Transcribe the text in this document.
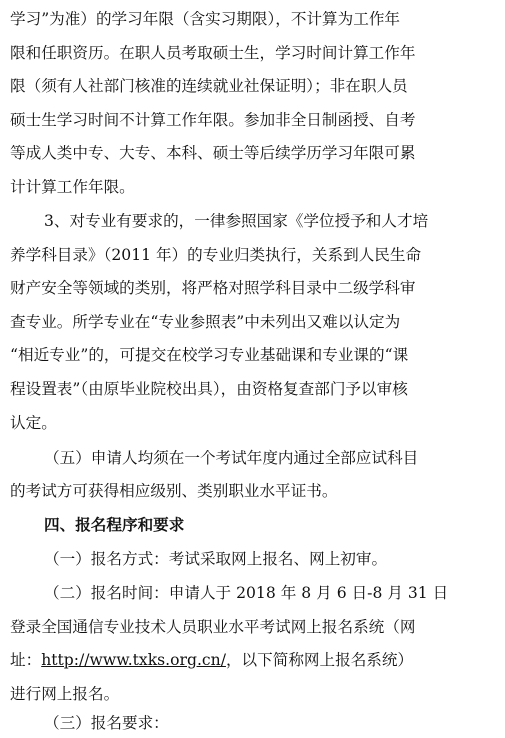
学习”为准）的学习年限（含实习期限），不计算为工作年
限和任职资历。在职人员考取硕士生，学习时间计算工作年
限（须有人社部门核准的连续就业社保证明）；非在职人员
硕士生学习时间不计算工作年限。参加非全日制函授、自考
等成人类中专、大专、本科、硕士等后续学历学习年限可累
计计算工作年限。
3、对专业有要求的，一律参照国家《学位授予和人才培
养学科目录》（2011 年）的专业归类执行，关系到人民生命
财产安全等领域的类别，将严格对照学科目录中二级学科审
查专业。所学专业在“专业参照表”中未列出又难以认定为
“相近专业”的，可提交在校学习专业基础课和专业课的“课
程设置表”（由原毕业院校出具），由资格复查部门予以审核
认定。
（五）申请人均须在一个考试年度内通过全部应试科目
的考试方可获得相应级别、类别职业水平证书。
四、报名程序和要求
（一）报名方式：考试采取网上报名、网上初审。
（二）报名时间：申请人于 2018 年 8 月 6 日-8 月 31 日
登录全国通信专业技术人员职业水平考试网上报名系统（网
址：http://www.txks.org.cn/，以下简称网上报名系统）
进行网上报名。
（三）报名要求：
